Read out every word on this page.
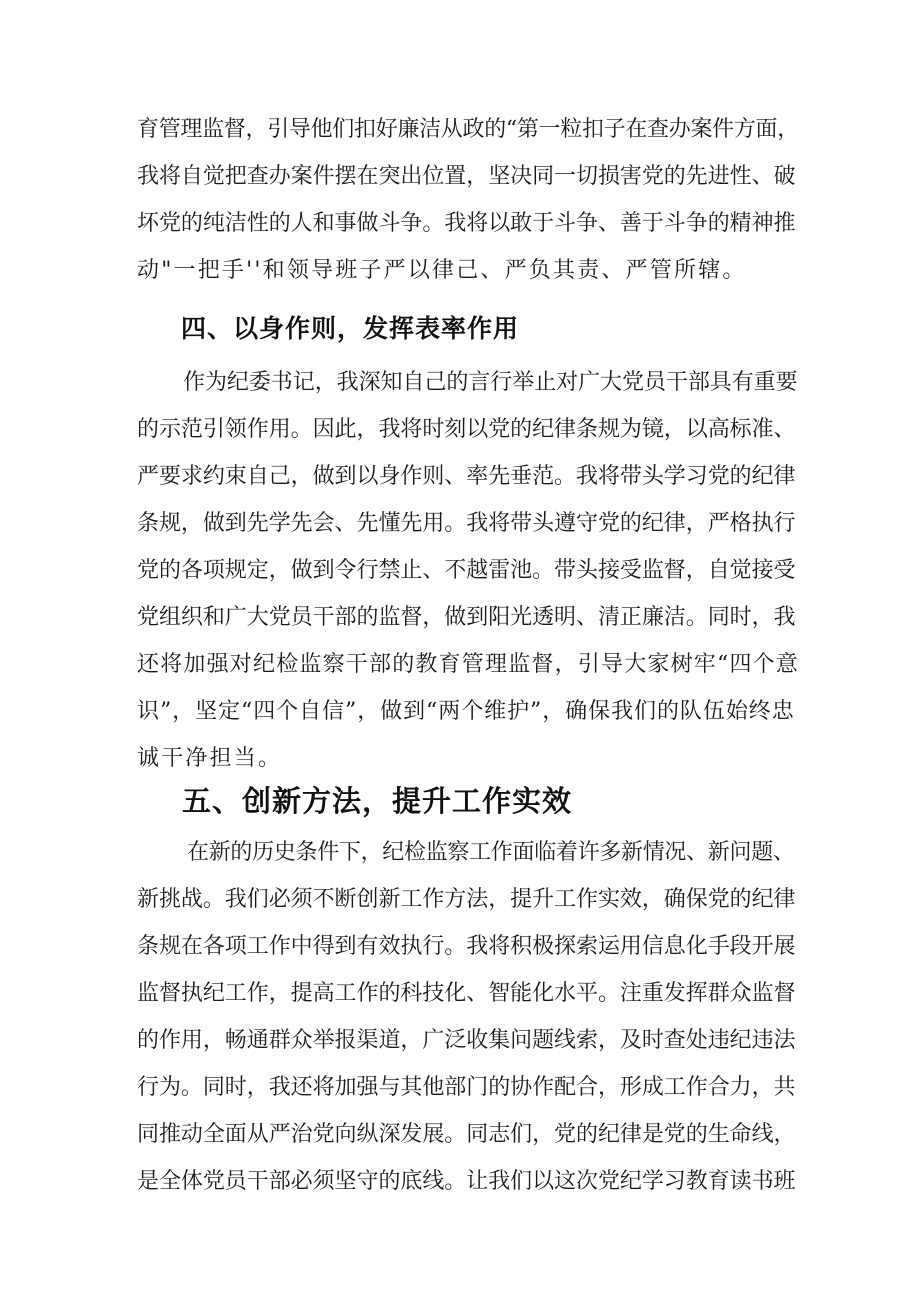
育管理监督，引导他们扣好廉洁从政的“第一粒扣子在查办案件方面，
我将自觉把查办案件摆在突出位置，坚决同一切损害党的先进性、破
坏党的纯洁性的人和事做斗争。我将以敢于斗争、善于斗争的精神推
动"一把手''和领导班子严以律己、严负其责、严管所辖。
四、以身作则，发挥表率作用
作为纪委书记，我深知自己的言行举止对广大党员干部具有重要
的示范引领作用。因此，我将时刻以党的纪律条规为镜，以高标准、
严要求约束自己，做到以身作则、率先垂范。我将带头学习党的纪律
条规，做到先学先会、先懂先用。我将带头遵守党的纪律，严格执行
党的各项规定，做到令行禁止、不越雷池。带头接受监督，自觉接受
党组织和广大党员干部的监督，做到阳光透明、清正廉洁。同时，我
还将加强对纪检监察干部的教育管理监督，引导大家树牢“四个意
识”，坚定“四个自信”，做到“两个维护”，确保我们的队伍始终忠
诚干净担当。
五、创新方法，提升工作实效
在新的历史条件下，纪检监察工作面临着许多新情况、新问题、
新挑战。我们必须不断创新工作方法，提升工作实效，确保党的纪律
条规在各项工作中得到有效执行。我将积极探索运用信息化手段开展
监督执纪工作，提高工作的科技化、智能化水平。注重发挥群众监督
的作用，畅通群众举报渠道，广泛收集问题线索，及时查处违纪违法
行为。同时，我还将加强与其他部门的协作配合，形成工作合力，共
同推动全面从严治党向纵深发展。同志们，党的纪律是党的生命线，
是全体党员干部必须坚守的底线。让我们以这次党纪学习教育读书班
